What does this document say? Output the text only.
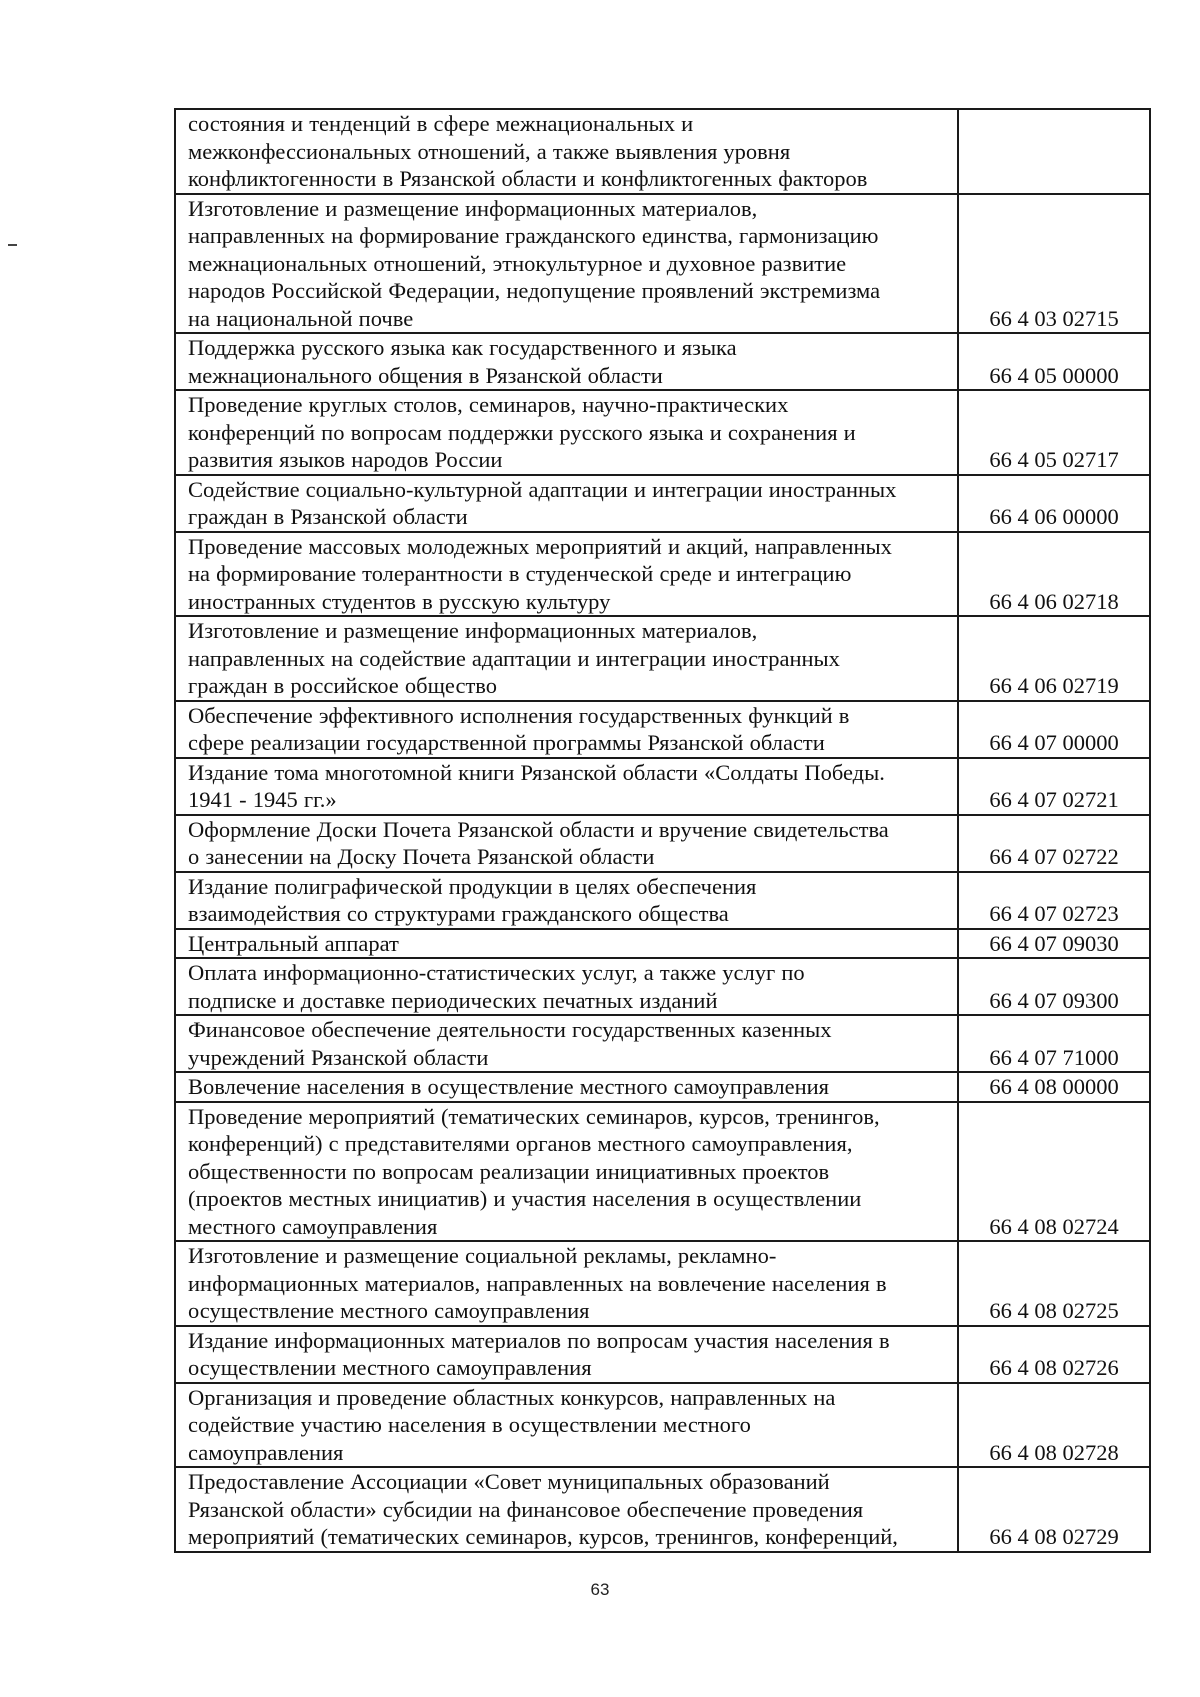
состояния и тенденций в сфере межнациональных и
межконфессиональных отношений, а также выявления уровня
конфликтогенности в Рязанской области и конфликтогенных факторов	

Изготовление и размещение информационных материалов,
направленных на формирование гражданского единства, гармонизацию
межнациональных отношений, этнокультурное и духовное развитие
народов Российской Федерации, недопущение проявлений экстремизма
на национальной почве	66 4 03 02715

Поддержка русского языка как государственного и языка
межнационального общения в Рязанской области	66 4 05 00000

Проведение круглых столов, семинаров, научно-практических
конференций по вопросам поддержки русского языка и сохранения и
развития языков народов России	66 4 05 02717

Содействие социально-культурной адаптации и интеграции иностранных
граждан в Рязанской области	66 4 06 00000

Проведение массовых молодежных мероприятий и акций, направленных
на формирование толерантности в студенческой среде и интеграцию
иностранных студентов в русскую культуру	66 4 06 02718

Изготовление и размещение информационных материалов,
направленных на содействие адаптации и интеграции иностранных
граждан в российское общество	66 4 06 02719

Обеспечение эффективного исполнения государственных функций в
сфере реализации государственной программы Рязанской области	66 4 07 00000

Издание тома многотомной книги Рязанской области «Солдаты Победы.
1941 - 1945 гг.»	66 4 07 02721

Оформление Доски Почета Рязанской области и вручение свидетельства
о занесении на Доску Почета Рязанской области	66 4 07 02722

Издание полиграфической продукции в целях обеспечения
взаимодействия со структурами гражданского общества	66 4 07 02723

Центральный аппарат	66 4 07 09030

Оплата информационно-статистических услуг, а также услуг по
подписке и доставке периодических печатных изданий	66 4 07 09300

Финансовое обеспечение деятельности государственных казенных
учреждений Рязанской области	66 4 07 71000

Вовлечение населения в осуществление местного самоуправления	66 4 08 00000

Проведение мероприятий (тематических семинаров, курсов, тренингов,
конференций) с представителями органов местного самоуправления,
общественности по вопросам реализации инициативных проектов
(проектов местных инициатив) и участия населения в осуществлении
местного самоуправления	66 4 08 02724

Изготовление и размещение социальной рекламы, рекламно-
информационных материалов, направленных на вовлечение населения в
осуществление местного самоуправления	66 4 08 02725

Издание информационных материалов по вопросам участия населения в
осуществлении местного самоуправления	66 4 08 02726

Организация и проведение областных конкурсов, направленных на
содействие участию населения в осуществлении местного
самоуправления	66 4 08 02728

Предоставление Ассоциации «Совет муниципальных образований
Рязанской области» субсидии на финансовое обеспечение проведения
мероприятий (тематических семинаров, курсов, тренингов, конференций,	66 4 08 02729
63
